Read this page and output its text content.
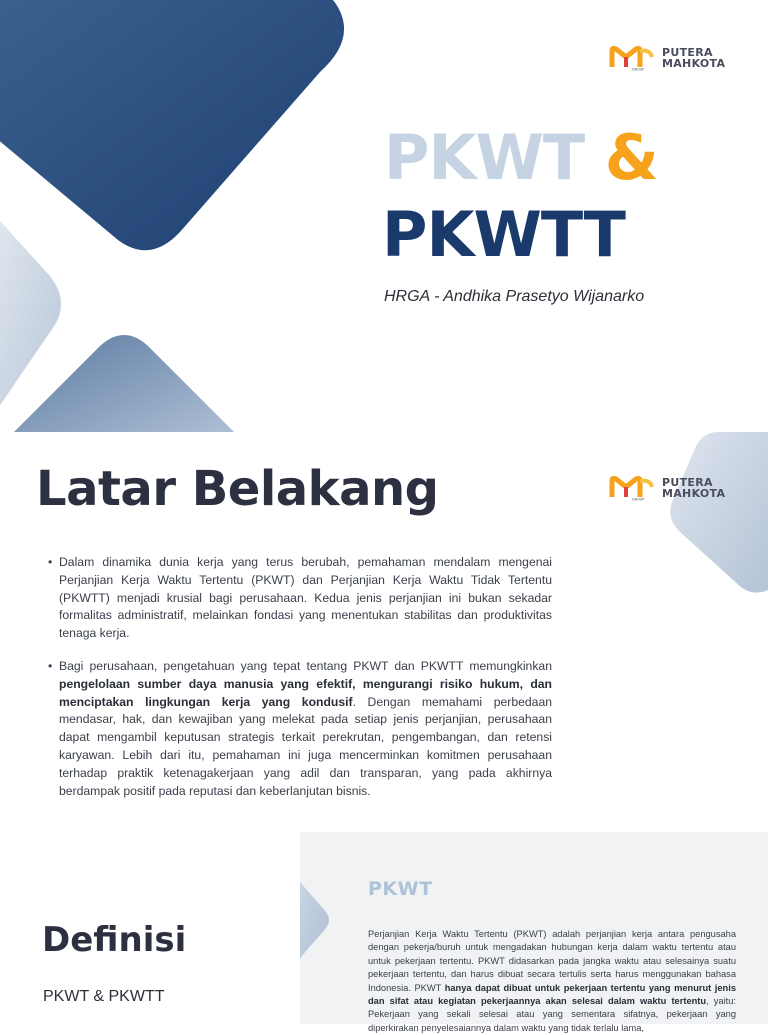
GROUP
PUTERA
MAHKOTA
PKWT &
PKWTT
HRGA - Andhika Prasetyo Wijanarko
GROUP
PUTERA
MAHKOTA
Latar Belakang
• Dalam dinamika dunia kerja yang terus berubah, pemahaman mendalam mengenai Perjanjian Kerja Waktu Tertentu (PKWT) dan Perjanjian Kerja Waktu Tidak Tertentu (PKWTT) menjadi krusial bagi perusahaan. Kedua jenis perjanjian ini bukan sekadar formalitas administratif, melainkan fondasi yang menentukan stabilitas dan produktivitas tenaga kerja.
• Bagi perusahaan, pengetahuan yang tepat tentang PKWT dan PKWTT memungkinkan pengelolaan sumber daya manusia yang efektif, mengurangi risiko hukum, dan menciptakan lingkungan kerja yang kondusif. Dengan memahami perbedaan mendasar, hak, dan kewajiban yang melekat pada setiap jenis perjanjian, perusahaan dapat mengambil keputusan strategis terkait perekrutan, pengembangan, dan retensi karyawan. Lebih dari itu, pemahaman ini juga mencerminkan komitmen perusahaan terhadap praktik ketenagakerjaan yang adil dan transparan, yang pada akhirnya berdampak positif pada reputasi dan keberlanjutan bisnis.
Definisi
PKWT & PKWTT
PKWT
Perjanjian Kerja Waktu Tertentu (PKWT) adalah perjanjian kerja antara pengusaha dengan pekerja/buruh untuk mengadakan hubungan kerja dalam waktu tertentu atau untuk pekerjaan tertentu. PKWT didasarkan pada jangka waktu atau selesainya suatu pekerjaan tertentu, dan harus dibuat secara tertulis serta harus menggunakan bahasa Indonesia. PKWT hanya dapat dibuat untuk pekerjaan tertentu yang menurut jenis dan sifat atau kegiatan pekerjaannya akan selesai dalam waktu tertentu, yaitu: Pekerjaan yang sekali selesai atau yang sementara sifatnya, pekerjaan yang diperkirakan penyelesaiannya dalam waktu yang tidak terlalu lama,
